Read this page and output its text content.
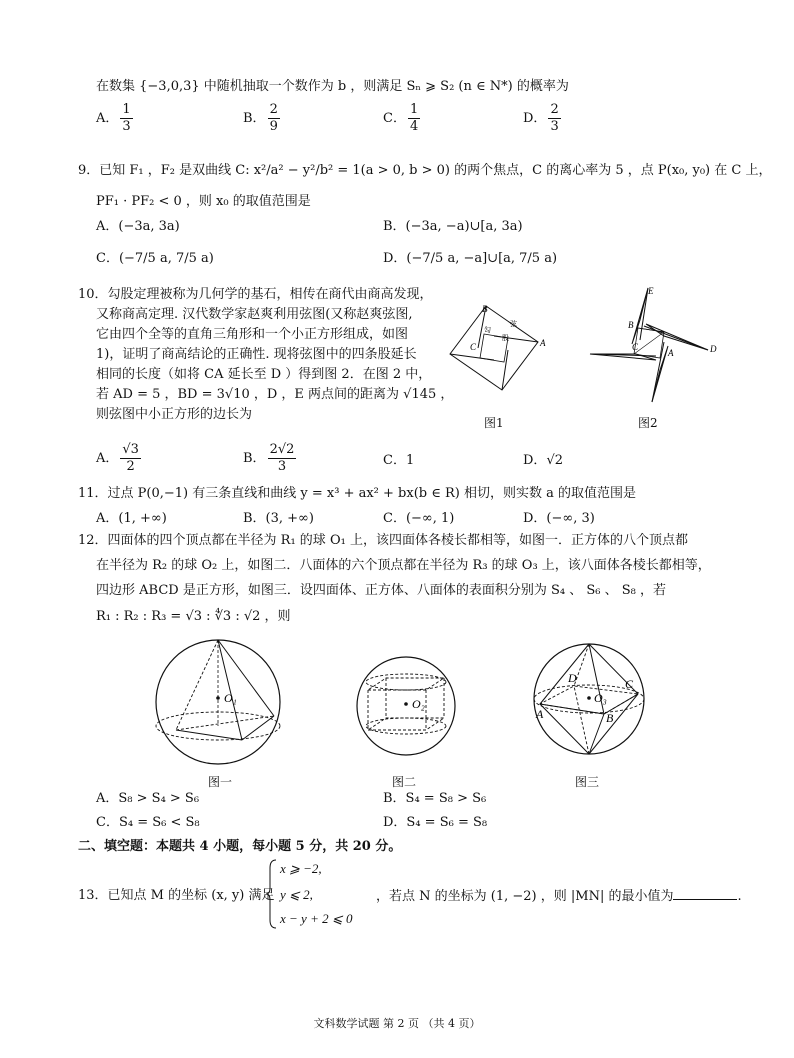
在数集 {−3,0,3} 中随机抽取一个数作为 b ，则满足 Sₙ ⩾ S₂ (n ∈ N*) 的概率为
A． $\frac{1}{3}$	B． $\frac{2}{9}$	C． $\frac{1}{4}$	D． $\frac{2}{3}$
9．已知 F₁ ，F₂ 是双曲线 C: x²/a² − y²/b² = 1(a > 0, b > 0) 的两个焦点，C 的离心率为 5 ，点 P(x₀, y₀) 在 C 上，
PF₁ · PF₂ < 0 ，则 x₀ 的取值范围是
A．(−3a, 3a)	B．(−3a, −a)∪[a, 3a)
C．(−7/5 a, 7/5 a)	D．(−7/5 a, −a]∪[a, 7/5 a)
10．勾股定理被称为几何学的基石，相传在商代由商高发现，
又称商高定理. 汉代数学家赵爽利用弦图(又称赵爽弦图,
它由四个全等的直角三角形和一个小正方形组成，如图
1)，证明了商高结论的正确性. 现将弦图中的四条股延长
相同的长度（如将 CA 延长至 D ）得到图 2．在图 2 中，
若 AD = 5 ，BD = 3√10 ，D ，E 两点间的距离为 √145 ，
则弦图中小正方形的边长为
B
C	A
勾
股
弦
图1
E
B
C
A	D
图2
A． $\frac{√3}{2}$	B． $\frac{2√2}{3}$	C．1	D．√2
11．过点 P(0,−1) 有三条直线和曲线 y = x³ + ax² + bx(b ∈ R) 相切，则实数 a 的取值范围是
A．(1, +∞)	B．(3, +∞)	C．(−∞, 1)	D．(−∞, 3)
12．四面体的四个顶点都在半径为 R₁ 的球 O₁ 上，该四面体各棱长都相等，如图一．正方体的八个顶点都
在半径为 R₂ 的球 O₂ 上，如图二．八面体的六个顶点都在半径为 R₃ 的球 O₃ 上，该八面体各棱长都相等，
四边形 ABCD 是正方形，如图三．设四面体、正方体、八面体的表面积分别为 S₄ 、 S₆ 、 S₈ ，若
R₁ : R₂ : R₃ = √3 : ∜3 : √2 ，则
O₁
图一
O₂
图二
O₃
D	C
A	B
图三
A．S₈ > S₄ > S₆	B．S₄ = S₈ > S₆
C．S₄ = S₆ < S₈	D．S₄ = S₆ = S₈
二、填空题：本题共 4 小题，每小题 5 分，共 20 分。
13．已知点 M 的坐标 (x, y) 满足
x ⩾ −2,
y ⩽ 2,
x − y + 2 ⩽ 0
，若点 N 的坐标为 (1, −2) ，则 |MN| 的最小值为	.
文科数学试题 第 2 页 （共 4 页）
